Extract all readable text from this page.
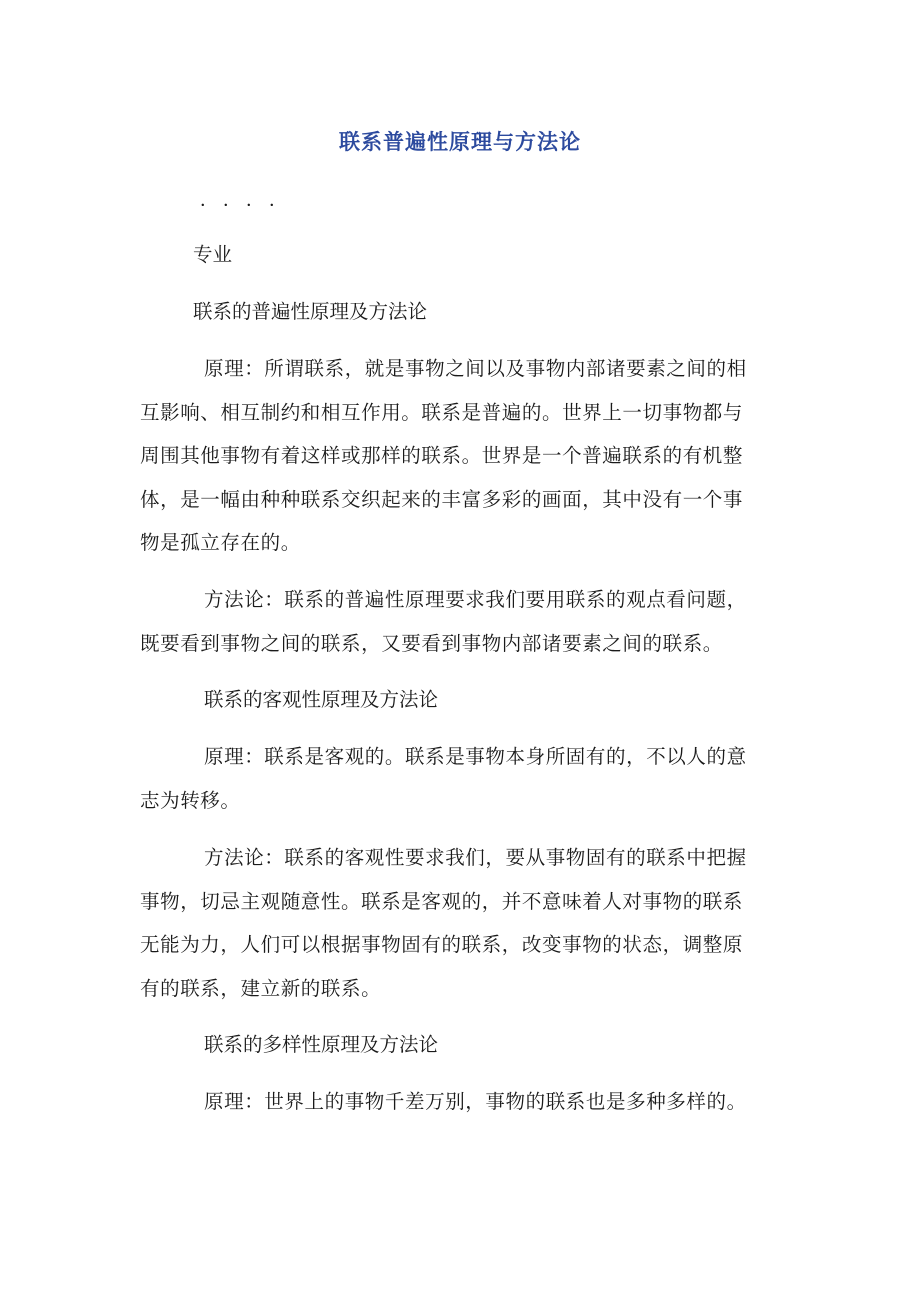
联系普遍性原理与方法论
．．．．
专业
联系的普遍性原理及方法论
原理：所谓联系，就是事物之间以及事物内部诸要素之间的相
互影响、相互制约和相互作用。联系是普遍的。世界上一切事物都与
周围其他事物有着这样或那样的联系。世界是一个普遍联系的有机整
体，是一幅由种种联系交织起来的丰富多彩的画面，其中没有一个事
物是孤立存在的。
方法论：联系的普遍性原理要求我们要用联系的观点看问题，
既要看到事物之间的联系，又要看到事物内部诸要素之间的联系。
联系的客观性原理及方法论
原理：联系是客观的。联系是事物本身所固有的，不以人的意
志为转移。
方法论：联系的客观性要求我们，要从事物固有的联系中把握
事物，切忌主观随意性。联系是客观的，并不意味着人对事物的联系
无能为力，人们可以根据事物固有的联系，改变事物的状态，调整原
有的联系，建立新的联系。
联系的多样性原理及方法论
原理：世界上的事物千差万别，事物的联系也是多种多样的。
